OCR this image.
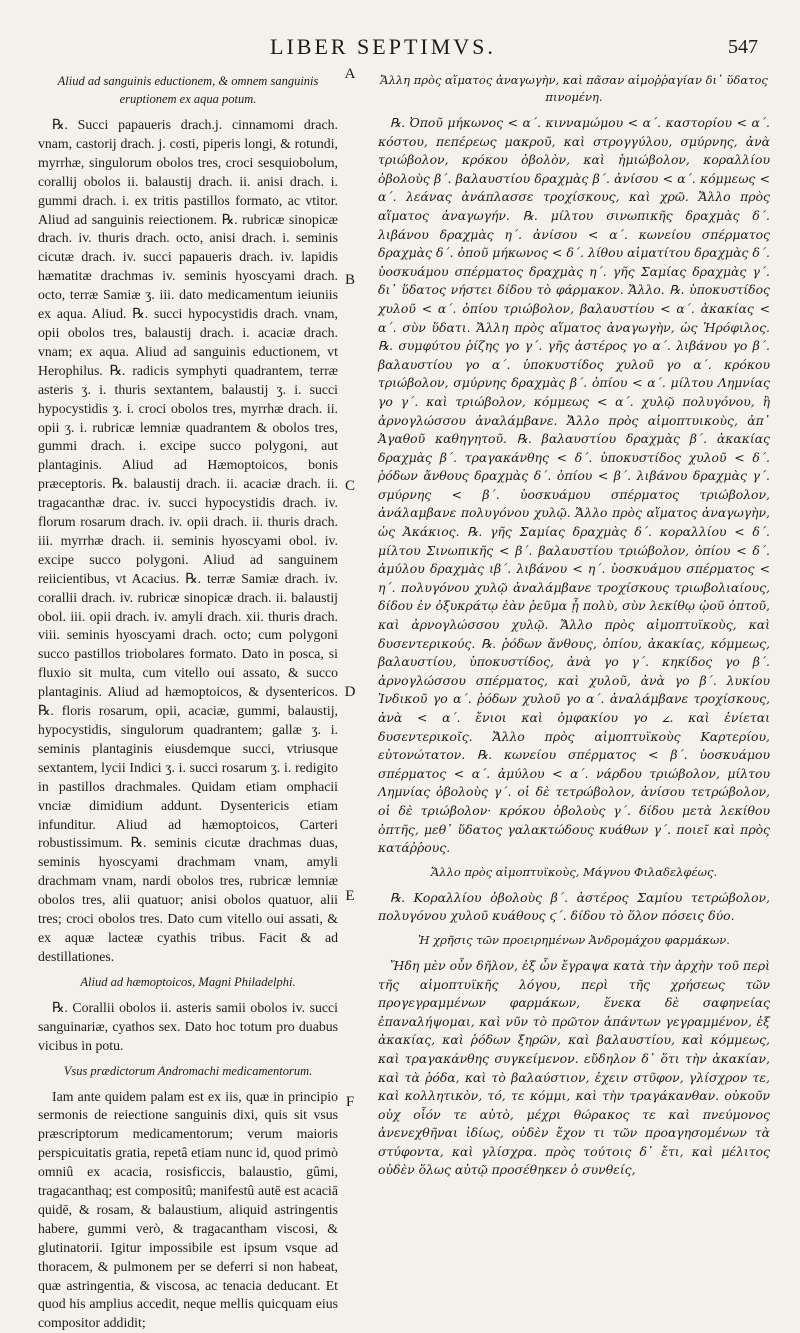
LIBER SEPTIMVS.	547
Aliud ad sanguinis eductionem, & omnem sanguinis eruptionem ex aqua potum.

℞. Succi papaueris drach.j. cinnamomi drach. vnam, castorij drach. j. costi, piperis longi, & rotundi, myrrhæ, singulorum obolos tres, croci sesquiobolum, corallij obolos ii. balaustij drach. ii. anisi drach. i. gummi drach. i. ex tritis pastillos formato, ac vtitor. Aliud ad sanguinis reiectionem. ℞. rubricæ sinopicæ drach. iv. thuris drach. octo, anisi drach. i. seminis cicutæ drach. iv. succi papaueris drach. iv. lapidis hæmatitæ drachmas iv. seminis hyoscyami drach. octo, terræ Samiæ ʒ. iii. dato medicamentum ieiuniis ex aqua. Aliud. ℞. succi hypocystidis drach. vnam, opii obolos tres, balaustij drach. i. acaciæ drach. vnam; ex aqua. Aliud ad sanguinis eductionem, vt Herophilus. ℞. radicis symphyti quadrantem, terræ asteris ʒ. i. thuris sextantem, balaustij ʒ. i. succi hypocystidis ʒ. i. croci obolos tres, myrrhæ drach. ii. opii ʒ. i. rubricæ lemniæ quadrantem & obolos tres, gummi drach. i. excipe succo polygoni, aut plantaginis. Aliud ad Hæmoptoicos, bonis præceptoris. ℞. balaustij drach. ii. acaciæ drach. ii. tragacanthæ drac. iv. succi hypocystidis drach. iv. florum rosarum drach. iv. opii drach. ii. thuris drach. iii. myrrhæ drach. ii. seminis hyoscyami obol. iv. excipe succo polygoni. Aliud ad sanguinem reiicientibus, vt Acacius. ℞. terræ Samiæ drach. iv. corallii drach. iv. rubricæ sinopicæ drach. ii. balaustij obol. iii. opii drach. iv. amyli drach. xii. thuris drach. viii. seminis hyoscyami drach. octo; cum polygoni succo pastillos triobolares formato. Dato in posca, si fluxio sit multa, cum vitello oui assato, & succo plantaginis. Aliud ad hæmoptoicos, & dysentericos. ℞. floris rosarum, opii, acaciæ, gummi, balaustij, hypocystidis, singulorum quadrantem; gallæ ʒ. i. seminis plantaginis eiusdemque succi, vtriusque sextantem, lycii Indici ʒ. i. succi rosarum ʒ. i. redigito in pastillos drachmales. Quidam etiam omphacii vnciæ dimidium addunt. Dysentericis etiam infunditur. Aliud ad hæmoptoicos, Carteri robustissimum. ℞. seminis cicutæ drachmas duas, seminis hyoscyami drachmam vnam, amyli drachmam vnam, nardi obolos tres, rubricæ lemniæ obolos tres, alii quatuor; anisi obolos quatuor, alii tres; croci obolos tres. Dato cum vitello oui assati, & ex aquæ lacteæ cyathis tribus. Facit & ad destillationes.

Aliud ad hæmoptoicos, Magni Philadelphi.

℞. Corallii obolos ii. asteris samii obolos iv. succi sanguinariæ, cyathos sex. Dato hoc totum pro duabus vicibus in potu.

Vsus prædictorum Andromachi medicamentorum.

Iam ante quidem palam est ex iis, quæ in principio sermonis de reiectione sanguinis dixi, quis sit vsus præscriptorum medicamentorum; verum maioris perspicuitatis gratia, repetâ etiam nunc id, quod primò omniû ex acacia, rosisficcis, balaustio, gûmi, tragacanthaq; est compositû; manifestû autē est acaciā quidē, & rosam, & balaustium, aliquid astringentis habere, gummi verò, & tragacantham viscosi, & glutinatorii. Igitur impossibile est ipsum vsque ad thoracem, & pulmonem per se deferri si non habeat, quæ astringentia, & viscosa, ac tenacia deducant. Et quod his amplius accedit, neque mellis quicquam eius compositor addidit;

A
B
C
D
E
F
Ἄλλη πρὸς αἵματος ἀναγωγὴν, καὶ πᾶσαν αἱμοῤῥαγίαν δι᾽ ὕδατος πινομένη.

℞. Ὀποῦ μήκωνος < α΄. κινναμώμου < α΄. καστορίου < α΄. κόστου, πεπέρεως μακροῦ, καὶ στρογγύλου, σμύρνης, ἀνὰ τριώβολον, κρόκου ὀβολὸν, καὶ ἡμιώβολον, κοραλλίου ὀβολοὺς β΄. βαλαυστίου δραχμὰς β΄. ἀνίσου < α΄. κόμμεως < α΄. λεάνας ἀνάπλασσε τροχίσκους, καὶ χρῶ. Ἄλλο πρὸς αἵματος ἀναγωγήν. ℞. μίλτου σινωπικῆς δραχμὰς δ΄. λιβάνου δραχμὰς η΄. ἀνίσου < α΄. κωνείου σπέρματος δραχμὰς δ΄. ὀποῦ μήκωνος < δ΄. λίθου αἱματίτου δραχμὰς δ΄. ὑοσκυάμου σπέρματος δραχμὰς η΄. γῆς Σαμίας δραχμὰς γ΄. δι᾽ ὕδατος νήστει δίδου τὸ φάρμακον. Ἄλλο. ℞. ὑποκυστίδος χυλοῦ < α΄. ὀπίου τριώβολον, βαλαυστίου < α΄. ἀκακίας < α΄. σὺν ὕδατι. Ἄλλη πρὸς αἵματος ἀναγωγὴν, ὡς Ἡρόφιλος. ℞. συμφύτου ῥίζης γο γ΄. γῆς ἀστέρος γο α΄. λιβάνου γο β΄. βαλαυστίου γο α΄. ὑποκυστίδος χυλοῦ γο α΄. κρόκου τριώβολον, σμύρνης δραχμὰς β΄. ὀπίου < α΄. μίλτου Λημνίας γο γ΄. καὶ τριώβολον, κόμμεως < α΄. χυλῷ πολυγόνου, ἢ ἀρνογλώσσου ἀναλάμβανε. Ἄλλο πρὸς αἱμοπτυικοὺς, ἀπ᾽ Ἀγαθοῦ καθηγητοῦ. ℞. βαλαυστίου δραχμὰς β΄. ἀκακίας δραχμὰς β΄. τραγακάνθης < δ΄. ὑποκυστίδος χυλοῦ < δ΄. ῥόδων ἄνθους δραχμὰς δ΄. ὀπίου < β΄. λιβάνου δραχμὰς γ΄. σμύρνης < β΄. ὑοσκυάμου σπέρματος τριώβολον, ἀνάλαμβανε πολυγόνου χυλῷ. Ἄλλο πρὸς αἵματος ἀναγωγὴν, ὡς Ἀκάκιος. ℞. γῆς Σαμίας δραχμὰς δ΄. κοραλλίου < δ΄. μίλτου Σινωπικῆς < β΄. βαλαυστίου τριώβολον, ὀπίου < δ΄. ἀμύλου δραχμὰς ιβ΄. λιβάνου < η΄. ὑοσκυάμου σπέρματος < η΄. πολυγόνου χυλῷ ἀναλάμβανε τροχίσκους τριωβολιαίους, δίδου ἐν ὀξυκράτῳ ἐὰν ῥεῦμα ᾖ πολὺ, σὺν λεκίθῳ ᾠοῦ ὀπτοῦ, καὶ ἀρνογλώσσου χυλῷ. Ἄλλο πρὸς αἱμοπτυϊκοὺς, καὶ δυσεντερικούς. ℞. ῥόδων ἄνθους, ὀπίου, ἀκακίας, κόμμεως, βαλαυστίου, ὑποκυστίδος, ἀνὰ γο γ΄. κηκίδος γο β΄. ἀρνογλώσσου σπέρματος, καὶ χυλοῦ, ἀνὰ γο β΄. λυκίου Ἰνδικοῦ γο α΄. ῥόδων χυλοῦ γο α΄. ἀναλάμβανε τροχίσκους, ἀνὰ < α΄. ἔνιοι καὶ ὀμφακίου γο 𐅵. καὶ ἐνίεται δυσεντερικοῖς. Ἄλλο πρὸς αἱμοπτυϊκοὺς Καρτερίου, εὐτονώτατον. ℞. κωνείου σπέρματος < β΄. ὑοσκυάμου σπέρματος < α΄. ἀμύλου < α΄. νάρδου τριώβολον, μίλτου Λημνίας ὀβολοὺς γ΄. οἱ δὲ τετρώβολον, ἀνίσου τετρώβολον, οἱ δὲ τριώβολον· κρόκου ὀβολοὺς γ΄. δίδου μετὰ λεκίθου ὀπτῆς, μεθ᾽ ὕδατος γαλακτώδους κυάθων γ΄. ποιεῖ καὶ πρὸς κατάῤῥους.

Ἄλλο πρὸς αἱμοπτυϊκοὺς, Μάγνου Φιλαδελφέως.

℞. Κοραλλίου ὀβολοὺς β΄. ἀστέρος Σαμίου τετρώβολον, πολυγόνου χυλοῦ κυάθους ϛ΄. δίδου τὸ ὅλον πόσεις δύο.

Ἡ χρῆσις τῶν προειρημένων Ἀνδρομάχου φαρμάκων.

Ἤδη μὲν οὖν δῆλον, ἐξ ὧν ἔγραψα κατὰ τὴν ἀρχὴν τοῦ περὶ τῆς αἱμοπτυϊκῆς λόγου, περὶ τῆς χρήσεως τῶν προγεγραμμένων φαρμάκων, ἕνεκα δὲ σαφηνείας ἐπαναλήψομαι, καὶ νῦν τὸ πρῶτον ἁπάντων γεγραμμένον, ἐξ ἀκακίας, καὶ ῥόδων ξηρῶν, καὶ βαλαυστίου, καὶ κόμμεως, καὶ τραγακάνθης συγκείμενον. εὔδηλον δ᾽ ὅτι τὴν ἀκακίαν, καὶ τὰ ῥόδα, καὶ τὸ βαλαύστιον, ἐχειν στῦφον, γλίσχρον τε, καὶ κολλητικὸν, τό, τε κόμμι, καὶ τὴν τραγάκανθαν. οὐκοῦν οὐχ οἷόν τε αὐτὸ, μέχρι θώρακος τε καὶ πνεύμονος ἀνενεχθῆναι ἰδίως, οὐδὲν ἔχον τι τῶν προαγησομένων τὰ στύφοντα, καὶ γλίσχρα. πρὸς τούτοις δ᾽ ἔτι, καὶ μέλιτος οὐδὲν ὅλως αὐτῷ προσέθηκεν ὁ συνθείς,
